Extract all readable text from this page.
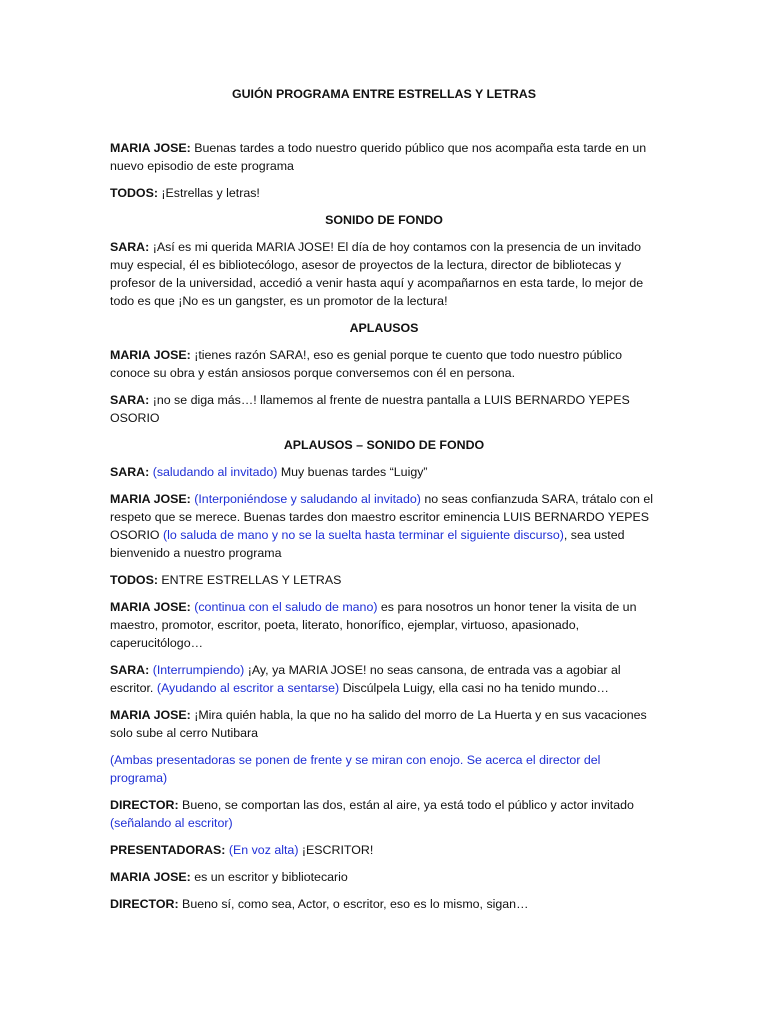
GUIÓN PROGRAMA ENTRE ESTRELLAS Y LETRAS

MARIA JOSE: Buenas tardes a todo nuestro querido público que nos acompaña esta tarde en un nuevo episodio de este programa

TODOS: ¡Estrellas y letras!

SONIDO DE FONDO

SARA: ¡Así es mi querida MARIA JOSE! El día de hoy contamos con la presencia de un invitado muy especial, él es bibliotecólogo, asesor de proyectos de la lectura, director de bibliotecas y profesor de la universidad, accedió a venir hasta aquí y acompañarnos en esta tarde, lo mejor de todo es que ¡No es un gangster, es un promotor de la lectura!

APLAUSOS

MARIA JOSE: ¡tienes razón SARA!, eso es genial porque te cuento que todo nuestro público conoce su obra y están ansiosos porque conversemos con él en persona.

SARA: ¡no se diga más…! llamemos al frente de nuestra pantalla a LUIS BERNARDO YEPES OSORIO

APLAUSOS – SONIDO DE FONDO

SARA: (saludando al invitado) Muy buenas tardes “Luigy”

MARIA JOSE: (Interponiéndose y saludando al invitado) no seas confianzuda SARA, trátalo con el respeto que se merece. Buenas tardes don maestro escritor eminencia LUIS BERNARDO YEPES OSORIO (lo saluda de mano y no se la suelta hasta terminar el siguiente discurso), sea usted bienvenido a nuestro programa

TODOS: ENTRE ESTRELLAS Y LETRAS

MARIA JOSE: (continua con el saludo de mano) es para nosotros un honor tener la visita de un maestro, promotor, escritor, poeta, literato, honorífico, ejemplar, virtuoso, apasionado, caperucitólogo…

SARA: (Interrumpiendo) ¡Ay, ya MARIA JOSE! no seas cansona, de entrada vas a agobiar al escritor. (Ayudando al escritor a sentarse) Discúlpela Luigy, ella casi no ha tenido mundo…

MARIA JOSE: ¡Mira quién habla, la que no ha salido del morro de La Huerta y en sus vacaciones solo sube al cerro Nutibara

(Ambas presentadoras se ponen de frente y se miran con enojo. Se acerca el director del programa)

DIRECTOR: Bueno, se comportan las dos, están al aire, ya está todo el público y actor invitado (señalando al escritor)

PRESENTADORAS: (En voz alta) ¡ESCRITOR!

MARIA JOSE: es un escritor y bibliotecario

DIRECTOR: Bueno sí, como sea, Actor, o escritor, eso es lo mismo, sigan…
